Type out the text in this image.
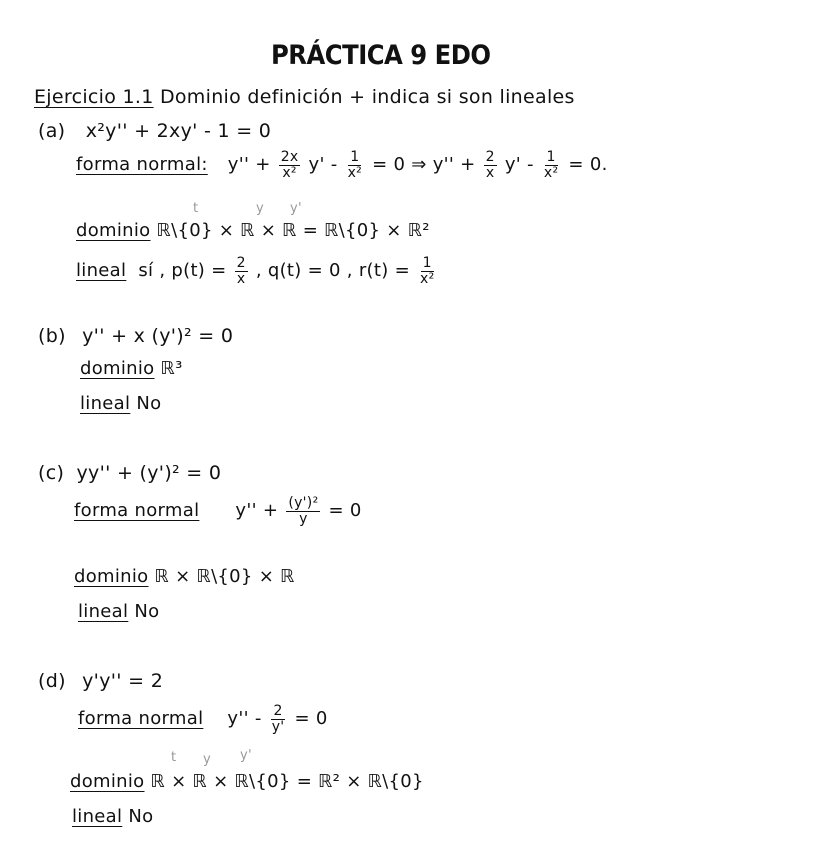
PRÁCTICA 9 EDO
Ejercicio 1.1 Dominio definición + indica si son lineales
(a) x²y'' + 2xy' - 1 = 0
forma normal: $y'' + \frac{2x}{\text{x²}} y' - \frac{1}{\text{x²}} = 0$ ⇒ $y'' + \frac{2}{x} y' - \frac{1}{\text{x²}} = 0$.
t	y y'
dominio ℝ\{0} × ℝ × ℝ = ℝ\{0} × ℝ²
lineal sí , $p(t) = \frac{2}{x}$ , q(t) = 0 , $r(t) = \frac{1}{\text{x²}}$
(b) y'' + x (y')² = 0
dominio ℝ³
lineal No
(c) yy'' + (y')² = 0
forma normal $y'' + \frac{\text{(y')²}}{y} = 0$
dominio ℝ × ℝ\{0} × ℝ
lineal No
(d) y'y'' = 2
forma normal $y'' - \frac{2}{y'} = 0$
t y y'
dominio ℝ × ℝ × ℝ\{0} = ℝ² × ℝ\{0}
lineal No
